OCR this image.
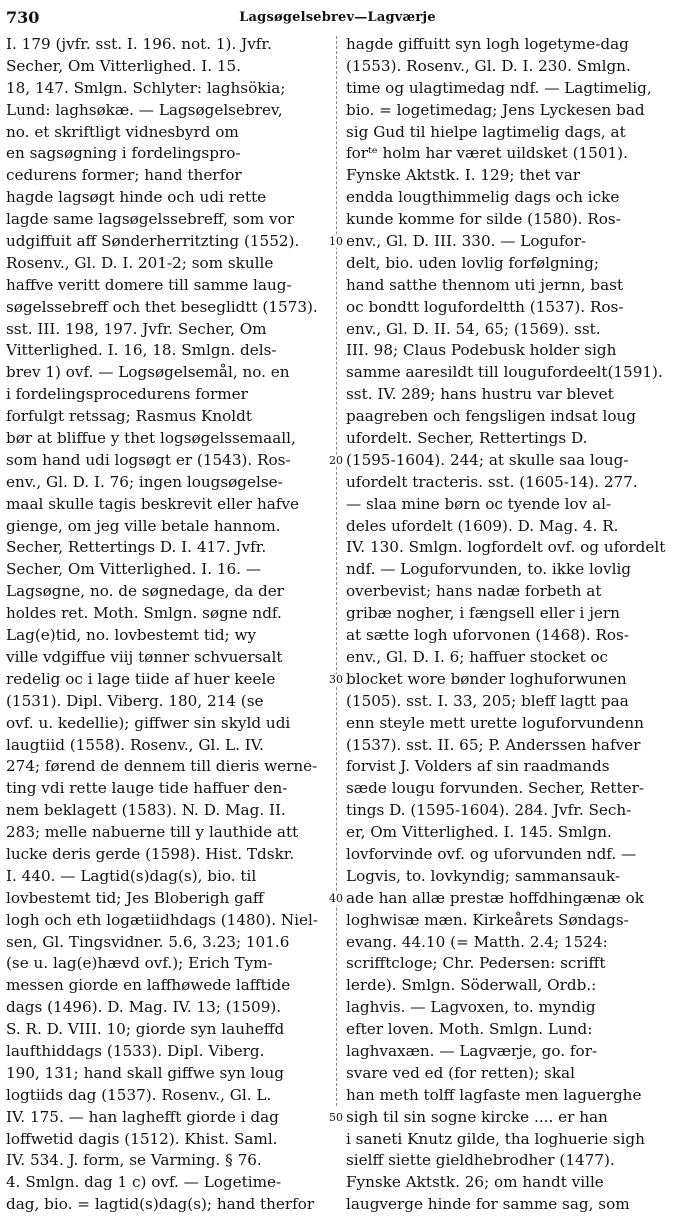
730	Lagsøgelsebrev—Lagværje
I. 179 (jvfr. sst. I. 196. not. 1). Jvfr.
Secher, Om Vitterlighed. I. 15.
18, 147. Smlgn. Schlyter: laghsökia;
Lund: laghsøkæ. — Lagsøgelsebrev,
no. et skriftligt vidnesbyrd om
en sagsøgning i fordelingspro-
cedurens former; hand therfor
hagde lagsøgt hinde och udi rette
lagde same lagsøgelssebreff, som vor
udgiffuit aff Sønderherritzting (1552).
Rosenv., Gl. D. I. 201-2; som skulle
haffve veritt domere till samme laug-
søgelssebreff och thet beseglidtt (1573).
sst. III. 198, 197. Jvfr. Secher, Om
Vitterlighed. I. 16, 18. Smlgn. dels-
brev 1) ovf. — Logsøgelsemål, no. en
i fordelingsprocedurens former
forfulgt retssag; Rasmus Knoldt
bør at bliffue y thet logsøgelssemaall,
som hand udi logsøgt er (1543). Ros-
env., Gl. D. I. 76; ingen lougsøgelse-
maal skulle tagis beskrevit eller hafve
gienge, om jeg ville betale hannom.
Secher, Rettertings D. I. 417. Jvfr.
Secher, Om Vitterlighed. I. 16. —
Lagsøgne, no. de søgnedage, da der
holdes ret. Moth. Smlgn. søgne ndf.
Lag(e)tid, no. lovbestemt tid; wy
ville vdgiffue viij tønner schvuersalt
redelig oc i lage tiide af huer keele
(1531). Dipl. Viberg. 180, 214 (se
ovf. u. kedellie); giffwer sin skyld udi
laugtiid (1558). Rosenv., Gl. L. IV.
274; førend de dennem till dieris werne-
ting vdi rette lauge tide haffuer den-
nem beklagett (1583). N. D. Mag. II.
283; melle nabuerne till y lauthide att
lucke deris gerde (1598). Hist. Tdskr.
I. 440. — Lagtid(s)dag(s), bio. til
lovbestemt tid; Jes Bloberigh gaff
logh och eth logætiidhdags (1480). Niel-
sen, Gl. Tingsvidner. 5.6, 3.23; 101.6
(se u. lag(e)hævd ovf.); Erich Tym-
messen giorde en laffhøwede lafftide
dags (1496). D. Mag. IV. 13; (1509).
S. R. D. VIII. 10; giorde syn lauheffd
laufthiddags (1533). Dipl. Viberg.
190, 131; hand skall giffwe syn loug
logtiids dag (1537). Rosenv., Gl. L.
IV. 175. — han laghefft giorde i dag
loffwetid dagis (1512). Khist. Saml.
IV. 534. J. form, se Varming. § 76.
4. Smlgn. dag 1 c) ovf. — Logetime-
dag, bio. = lagtid(s)dag(s); hand therfor
10
20
30
40
50
hagde giffuitt syn logh logetyme-dag
(1553). Rosenv., Gl. D. I. 230. Smlgn.
time og ulagtimedag ndf. — Lagtimelig,
bio. = logetimedag; Jens Lyckesen bad
sig Gud til hielpe lagtimelig dags, at
forᵗᵉ holm har været uildsket (1501).
Fynske Aktstk. I. 129; thet var
endda lougthimmelig dags och icke
kunde komme for silde (1580). Ros-
env., Gl. D. III. 330. — Logufor-
delt, bio. uden lovlig forfølgning;
hand satthe thennom uti jernn, bast
oc bondtt logufordeltth (1537). Ros-
env., Gl. D. II. 54, 65; (1569). sst.
III. 98; Claus Podebusk holder sigh
samme aaresildt till lougufordeelt(1591).
sst. IV. 289; hans hustru var blevet
paagreben och fengsligen indsat loug
ufordelt. Secher, Rettertings D.
(1595-1604). 244; at skulle saa loug-
ufordelt tracteris. sst. (1605-14). 277.
— slaa mine børn oc tyende lov al-
deles ufordelt (1609). D. Mag. 4. R.
IV. 130. Smlgn. logfordelt ovf. og ufordelt
ndf. — Loguforvunden, to. ikke lovlig
overbevist; hans nadæ forbeth at
gribæ nogher, i fængsell eller i jern
at sætte logh uforvonen (1468). Ros-
env., Gl. D. I. 6; haffuer stocket oc
blocket wore bønder loghuforwunen
(1505). sst. I. 33, 205; bleff lagtt paa
enn steyle mett urette loguforvundenn
(1537). sst. II. 65; P. Anderssen hafver
forvist J. Volders af sin raadmands
sæde lougu forvunden. Secher, Retter-
tings D. (1595-1604). 284. Jvfr. Sech-
er, Om Vitterlighed. I. 145. Smlgn.
lovforvinde ovf. og uforvunden ndf. —
Logvis, to. lovkyndig; sammansauk-
ade han allæ prestæ hoffdhingænæ ok
loghwisæ mæn. Kirkeårets Søndags-
evang. 44.10 (= Matth. 2.4; 1524:
scrifftcloge; Chr. Pedersen: scrifft
lerde). Smlgn. Söderwall, Ordb.:
laghvis. — Lagvoxen, to. myndig
efter loven. Moth. Smlgn. Lund:
laghvaxæn. — Lagværje, go. for-
svare ved ed (for retten); skal
han meth tolff lagfaste men laguerghe
sigh til sin sogne kircke .... er han
i saneti Knutz gilde, tha loghuerie sigh
sielff siette gieldhebrodher (1477).
Fynske Aktstk. 26; om handt ville
laugverge hinde for samme sag, som
